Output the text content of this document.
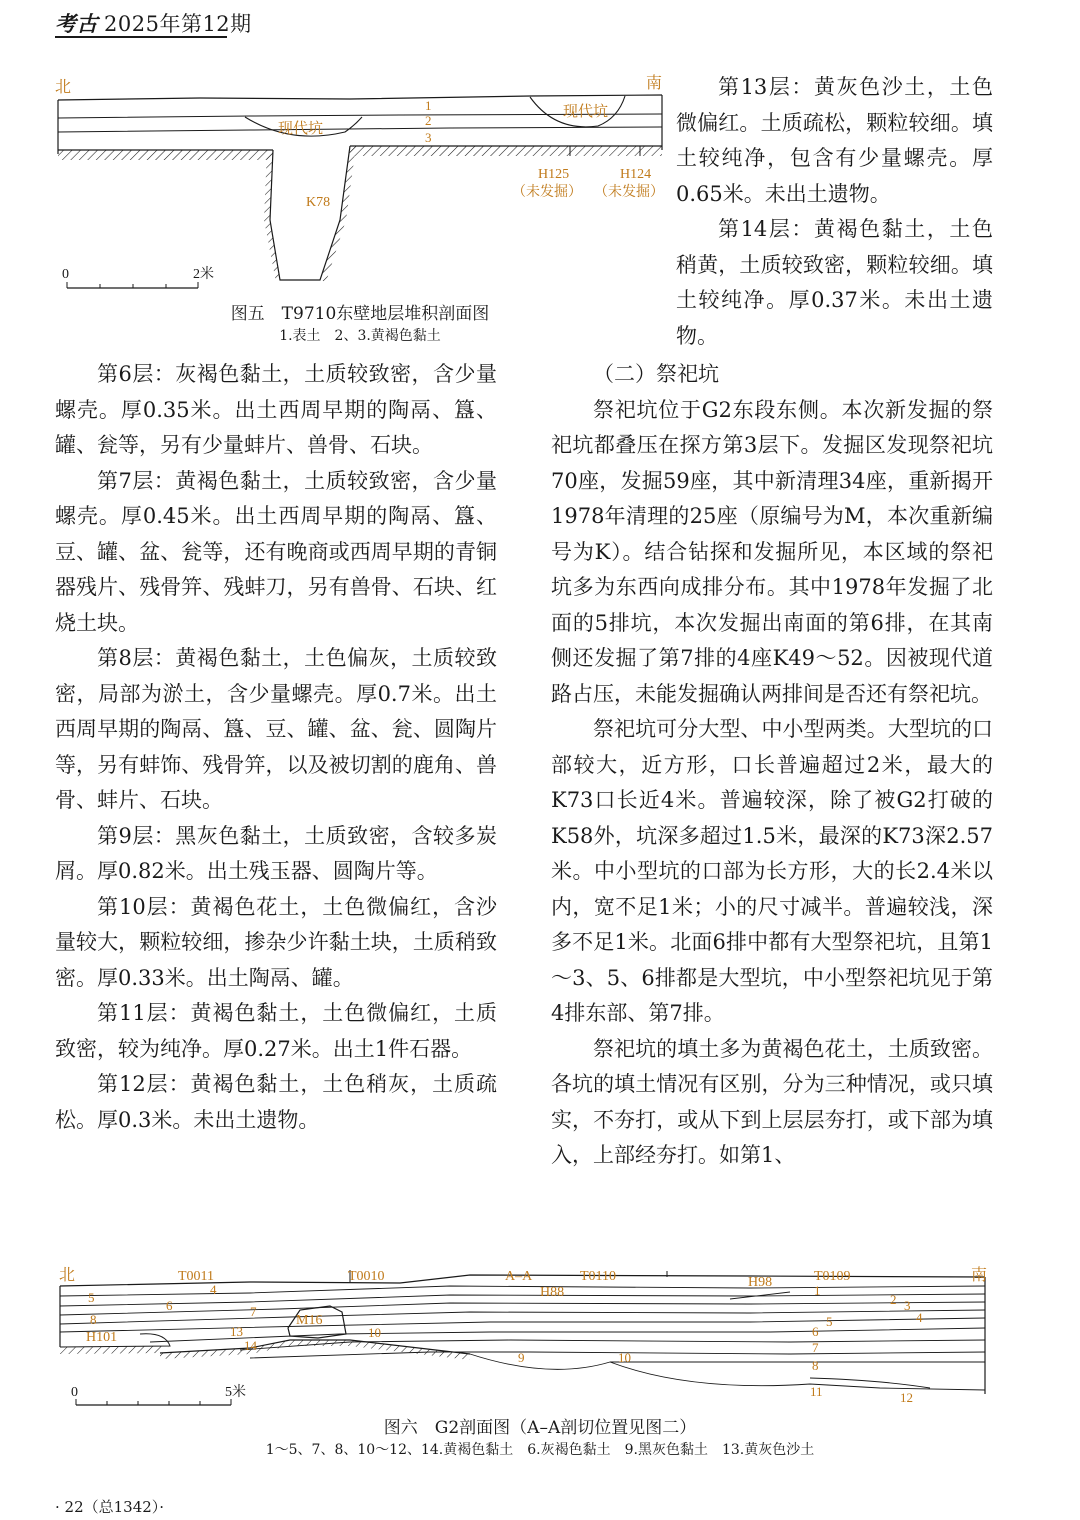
考古 2025年第12期
北	南
1
2
3
现代坑
现代坑
K78
H125	H124
（未发掘） （未发掘）
0	2米
图五　T9710东壁地层堆积剖面图
1.表土　2、3.黄褐色黏土

第6层：灰褐色黏土，土质较致密，含少量螺壳。厚0.35米。出土西周早期的陶鬲、簋、罐、瓮等，另有少量蚌片、兽骨、石块。

第7层：黄褐色黏土，土质较致密，含少量螺壳。厚0.45米。出土西周早期的陶鬲、簋、豆、罐、盆、瓮等，还有晚商或西周早期的青铜器残片、残骨笄、残蚌刀，另有兽骨、石块、红烧土块。

第8层：黄褐色黏土，土色偏灰，土质较致密，局部为淤土，含少量螺壳。厚0.7米。出土西周早期的陶鬲、簋、豆、罐、盆、瓮、圆陶片等，另有蚌饰、残骨笄，以及被切割的鹿角、兽骨、蚌片、石块。

第9层：黑灰色黏土，土质致密，含较多炭屑。厚0.82米。出土残玉器、圆陶片等。

第10层：黄褐色花土，土色微偏红，含沙量较大，颗粒较细，掺杂少许黏土块，土质稍致密。厚0.33米。出土陶鬲、罐。

第11层：黄褐色黏土，土色微偏红，土质致密，较为纯净。厚0.27米。出土1件石器。

第12层：黄褐色黏土，土色稍灰，土质疏松。厚0.3米。未出土遗物。

第13层：黄灰色沙土，土色微偏红。土质疏松，颗粒较细。填土较纯净，包含有少量螺壳。厚0.65米。未出土遗物。

第14层：黄褐色黏土，土色稍黄，土质较致密，颗粒较细。填土较纯净。厚0.37米。未出土遗物。

（二）祭祀坑

祭祀坑位于G2东段东侧。本次新发掘的祭祀坑都叠压在探方第3层下。发掘区发现祭祀坑70座，发掘59座，其中新清理34座，重新揭开1978年清理的25座（原编号为M，本次重新编号为K）。结合钻探和发掘所见，本区域的祭祀坑多为东西向成排分布。其中1978年发掘了北面的5排坑，本次发掘出南面的第6排，在其南侧还发掘了第7排的4座K49～52。因被现代道路占压，未能发掘确认两排间是否还有祭祀坑。

祭祀坑可分大型、中小型两类。大型坑的口部较大，近方形，口长普遍超过2米，最大的K73口长近4米。普遍较深，除了被G2打破的K58外，坑深多超过1.5米，最深的K73深2.57米。中小型坑的口部为长方形，大的长2.4米以内，宽不足1米；小的尺寸减半。普遍较浅，深多不足1米。北面6排中都有大型祭祀坑，且第1～3、5、6排都是大型坑，中小型祭祀坑见于第4排东部、第7排。

祭祀坑的填土多为黄褐色花土，土质致密。各坑的填土情况有区别，分为三种情况，或只填实，不夯打，或从下到上层层夯打，或下部为填入，上部经夯打。如第1、

北	南
T0011	T0010	A–A	T0110
H88
H98	T0109
M16
H101
5
4
6	7
8
13
14
10
9	10
1
2 3
4
5
6
7
8
11	12
0	5米
图六　G2剖面图（A–A剖切位置见图二）
1～5、7、8、10～12、14.黄褐色黏土　6.灰褐色黏土　9.黑灰色黏土　13.黄灰色沙土
· 22（总1342）·
